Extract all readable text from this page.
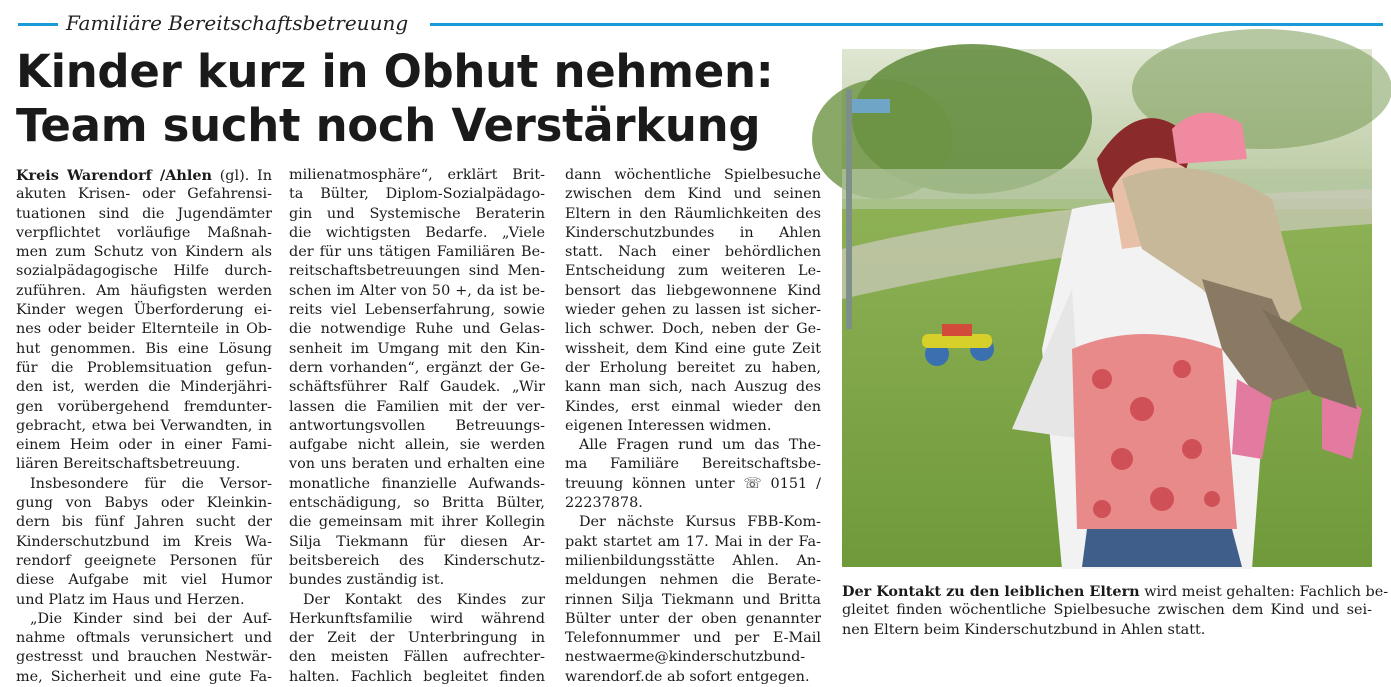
Familiäre Bereitschaftsbetreuung
Kinder kurz in Obhut nehmen:
Team sucht noch Verstärkung
Kreis Warendorf /Ahlen (gl). In
akuten Krisen- oder Gefahrensi-
tuationen sind die Jugendämter
verpflichtet vorläufige Maßnah-
men zum Schutz von Kindern als
sozialpädagogische Hilfe durch-
zuführen. Am häufigsten werden
Kinder wegen Überforderung ei-
nes oder beider Elternteile in Ob-
hut genommen. Bis eine Lösung
für die Problemsituation gefun-
den ist, werden die Minderjähri-
gen vorübergehend fremdunter-
gebracht, etwa bei Verwandten, in
einem Heim oder in einer Fami-
liären Bereitschaftsbetreuung.
Insbesondere für die Versor-
gung von Babys oder Kleinkin-
dern bis fünf Jahren sucht der
Kinderschutzbund im Kreis Wa-
rendorf geeignete Personen für
diese Aufgabe mit viel Humor
und Platz im Haus und Herzen.
„Die Kinder sind bei der Auf-
nahme oftmals verunsichert und
gestresst und brauchen Nestwär-
me, Sicherheit und eine gute Fa-
milienatmosphäre“, erklärt Brit-
ta Bülter, Diplom-Sozialpädago-
gin und Systemische Beraterin
die wichtigsten Bedarfe. „Viele
der für uns tätigen Familiären Be-
reitschaftsbetreuungen sind Men-
schen im Alter von 50 +, da ist be-
reits viel Lebenserfahrung, sowie
die notwendige Ruhe und Gelas-
senheit im Umgang mit den Kin-
dern vorhanden“, ergänzt der Ge-
schäftsführer Ralf Gaudek. „Wir
lassen die Familien mit der ver-
antwortungsvollen Betreuungs-
aufgabe nicht allein, sie werden
von uns beraten und erhalten eine
monatliche finanzielle Aufwands-
entschädigung, so Britta Bülter,
die gemeinsam mit ihrer Kollegin
Silja Tiekmann für diesen Ar-
beitsbereich des Kinderschutz-
bundes zuständig ist.
Der Kontakt des Kindes zur
Herkunftsfamilie wird während
der Zeit der Unterbringung in
den meisten Fällen aufrechter-
halten. Fachlich begleitet finden
dann wöchentliche Spielbesuche
zwischen dem Kind und seinen
Eltern in den Räumlichkeiten des
Kinderschutzbundes in Ahlen
statt. Nach einer behördlichen
Entscheidung zum weiteren Le-
bensort das liebgewonnene Kind
wieder gehen zu lassen ist sicher-
lich schwer. Doch, neben der Ge-
wissheit, dem Kind eine gute Zeit
der Erholung bereitet zu haben,
kann man sich, nach Auszug des
Kindes, erst einmal wieder den
eigenen Interessen widmen.
Alle Fragen rund um das The-
ma Familiäre Bereitschaftsbe-
treuung können unter ☏ 0151 /
22237878.
Der nächste Kursus FBB-Kom-
pakt startet am 17. Mai in der Fa-
milienbildungsstätte Ahlen. An-
meldungen nehmen die Berate-
rinnen Silja Tiekmann und Britta
Bülter unter der oben genannter
Telefonnummer und per E-Mail
nestwaerme@kinderschutzbund-
warendorf.de ab sofort entgegen.
Der Kontakt zu den leiblichen Eltern wird meist gehalten: Fachlich be-
gleitet finden wöchentliche Spielbesuche zwischen dem Kind und sei-
nen Eltern beim Kinderschutzbund in Ahlen statt.
